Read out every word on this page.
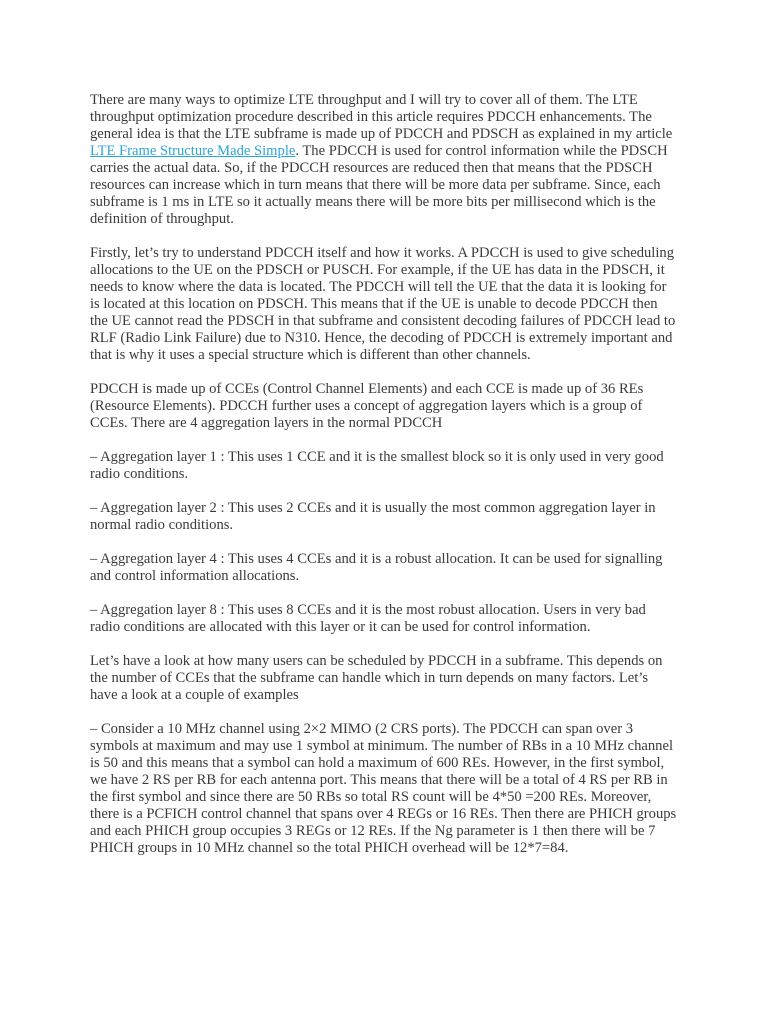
There are many ways to optimize LTE throughput and I will try to cover all of them. The LTE throughput optimization procedure described in this article requires PDCCH enhancements. The general idea is that the LTE subframe is made up of PDCCH and PDSCH as explained in my article LTE Frame Structure Made Simple. The PDCCH is used for control information while the PDSCH carries the actual data. So, if the PDCCH resources are reduced then that means that the PDSCH resources can increase which in turn means that there will be more data per subframe. Since, each subframe is 1 ms in LTE so it actually means there will be more bits per millisecond which is the definition of throughput.

Firstly, let’s try to understand PDCCH itself and how it works. A PDCCH is used to give scheduling allocations to the UE on the PDSCH or PUSCH. For example, if the UE has data in the PDSCH, it needs to know where the data is located. The PDCCH will tell the UE that the data it is looking for is located at this location on PDSCH. This means that if the UE is unable to decode PDCCH then the UE cannot read the PDSCH in that subframe and consistent decoding failures of PDCCH lead to RLF (Radio Link Failure) due to N310. Hence, the decoding of PDCCH is extremely important and that is why it uses a special structure which is different than other channels.

PDCCH is made up of CCEs (Control Channel Elements) and each CCE is made up of 36 REs (Resource Elements). PDCCH further uses a concept of aggregation layers which is a group of CCEs. There are 4 aggregation layers in the normal PDCCH

– Aggregation layer 1 : This uses 1 CCE and it is the smallest block so it is only used in very good radio conditions.

– Aggregation layer 2 : This uses 2 CCEs and it is usually the most common aggregation layer in normal radio conditions.

– Aggregation layer 4 : This uses 4 CCEs and it is a robust allocation. It can be used for signalling and control information allocations.

– Aggregation layer 8 : This uses 8 CCEs and it is the most robust allocation. Users in very bad radio conditions are allocated with this layer or it can be used for control information.

Let’s have a look at how many users can be scheduled by PDCCH in a subframe. This depends on the number of CCEs that the subframe can handle which in turn depends on many factors. Let’s have a look at a couple of examples

– Consider a 10 MHz channel using 2×2 MIMO (2 CRS ports). The PDCCH can span over 3 symbols at maximum and may use 1 symbol at minimum. The number of RBs in a 10 MHz channel is 50 and this means that a symbol can hold a maximum of 600 REs. However, in the first symbol, we have 2 RS per RB for each antenna port. This means that there will be a total of 4 RS per RB in the first symbol and since there are 50 RBs so total RS count will be 4*50 =200 REs. Moreover, there is a PCFICH control channel that spans over 4 REGs or 16 REs. Then there are PHICH groups and each PHICH group occupies 3 REGs or 12 REs. If the Ng parameter is 1 then there will be 7 PHICH groups in 10 MHz channel so the total PHICH overhead will be 12*7=84.
